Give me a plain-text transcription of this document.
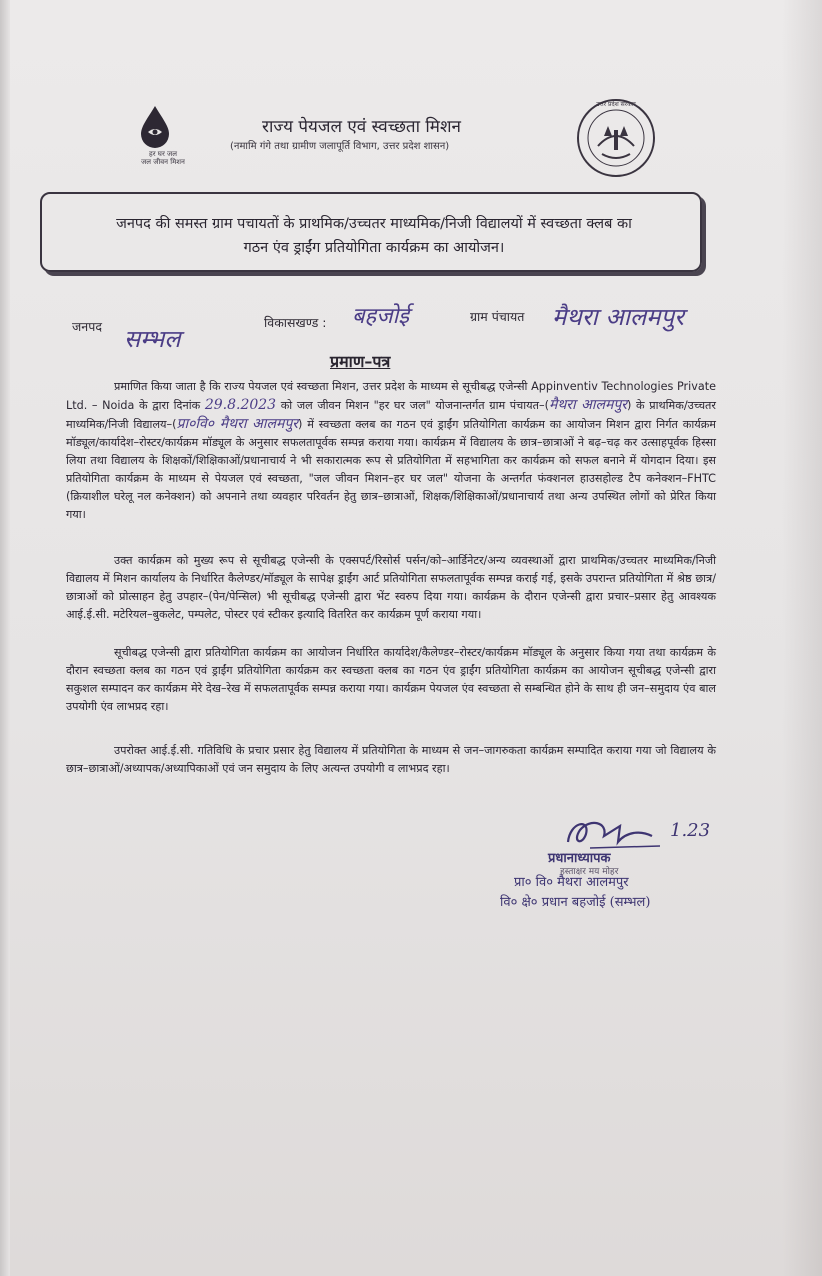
हर घर जल
जल जीवन मिशन
उत्तर प्रदेश सरकार
राज्य पेयजल एवं स्वच्छता मिशन
(नमामि गंगे तथा ग्रामीण जलापूर्ति विभाग, उत्तर प्रदेश शासन)
जनपद की समस्त ग्राम पचायतों के प्राथमिक/उच्चतर माध्यमिक/निजी विद्यालयों में स्वच्छता क्लब का
गठन एंव ड्राईंग प्रतियोगिता कार्यक्रम का आयोजन।
जनपद सम्भल
विकासखण्ड : बहजोई	ग्राम पंचायत मैथरा आलमपुर
प्रमाण–पत्र
प्रमाणित किया जाता है कि राज्य पेयजल एवं स्वच्छता मिशन, उत्तर प्रदेश के माध्यम से सूचीबद्ध एजेन्सी Appinventiv Technologies Private Ltd. – Noida के द्वारा दिनांक 29.8.2023 को जल जीवन मिशन "हर घर जल" योजनान्तर्गत ग्राम पंचायत–(मैथरा आलमपुर) के प्राथमिक/उच्चतर माध्यमिक/निजी विद्यालय–(प्रा०वि० मैथरा आलमपुर) में स्वच्छता क्लब का गठन एवं ड्राईंग प्रतियोगिता कार्यक्रम का आयोजन मिशन द्वारा निर्गत कार्यक्रम मॉड्यूल/कार्यादेश–रोस्टर/कार्यक्रम मॉड्यूल के अनुसार सफलतापूर्वक सम्पन्न कराया गया। कार्यक्रम में विद्यालय के छात्र–छात्राओं ने बढ़–चढ़ कर उत्साहपूर्वक हिस्सा लिया तथा विद्यालय के शिक्षकों/शिक्षिकाओं/प्रधानाचार्य ने भी सकारात्मक रूप से प्रतियोगिता में सहभागिता कर कार्यक्रम को सफल बनाने में योगदान दिया। इस प्रतियोगिता कार्यक्रम के माध्यम से पेयजल एवं स्वच्छता, "जल जीवन मिशन–हर घर जल" योजना के अन्तर्गत फंक्शनल हाउसहोल्ड टैप कनेक्शन–FHTC (क्रियाशील घरेलू नल कनेक्शन) को अपनाने तथा व्यवहार परिवर्तन हेतु छात्र–छात्राओं, शिक्षक/शिक्षिकाओं/प्रधानाचार्य तथा अन्य उपस्थित लोगों को प्रेरित किया गया।
उक्त कार्यक्रम को मुख्य रूप से सूचीबद्ध एजेन्सी के एक्सपर्ट/रिसोर्स पर्सन/को–आर्डिनेटर/अन्य व्यवस्थाओं द्वारा प्राथमिक/उच्चतर माध्यमिक/निजी विद्यालय में मिशन कार्यालय के निर्धारित कैलेण्डर/मॉड्यूल के सापेक्ष ड्राईंग आर्ट प्रतियोगिता सफलतापूर्वक सम्पन्न कराई गई, इसके उपरान्त प्रतियोगिता में श्रेष्ठ छात्र/छात्राओं को प्रोत्साहन हेतु उपहार–(पेन/पेन्सिल) भी सूचीबद्ध एजेन्सी द्वारा भेंट स्वरुप दिया गया। कार्यक्रम के दौरान एजेन्सी द्वारा प्रचार–प्रसार हेतु आवश्यक आई.ई.सी. मटेरियल–बुकलेट, पम्पलेट, पोस्टर एवं स्टीकर इत्यादि वितरित कर कार्यक्रम पूर्ण कराया गया।
सूचीबद्ध एजेन्सी द्वारा प्रतियोगिता कार्यक्रम का आयोजन निर्धारित कार्यादेश/कैलेण्डर–रोस्टर/कार्यक्रम मॉड्यूल के अनुसार किया गया तथा कार्यक्रम के दौरान स्वच्छता क्लब का गठन एवं ड्राईंग प्रतियोगिता कार्यक्रम कर स्वच्छता क्लब का गठन एंव ड्राईंग प्रतियोगिता कार्यक्रम का आयोजन सूचीबद्ध एजेन्सी द्वारा सकुशल सम्पादन कर कार्यक्रम मेरे देख–रेख में सफलतापूर्वक सम्पन्न कराया गया। कार्यक्रम पेयजल एंव स्वच्छता से सम्बन्धित होने के साथ ही जन–समुदाय एंव बाल उपयोगी एंव लाभप्रद रहा।
उपरोक्त आई.ई.सी. गतिविधि के प्रचार प्रसार हेतु विद्यालय में प्रतियोगिता के माध्यम से जन–जागरुकता कार्यक्रम सम्पादित कराया गया जो विद्यालय के छात्र–छात्राओं/अध्यापक/अध्यापिकाओं एवं जन समुदाय के लिए अत्यन्त उपयोगी व लाभप्रद रहा।
1.23
प्रधानाध्यापक
हस्ताक्षर मय मोहर
प्रा० वि० मैथरा आलमपुर
वि० क्षे० प्रधान बहजोई (सम्भल)
